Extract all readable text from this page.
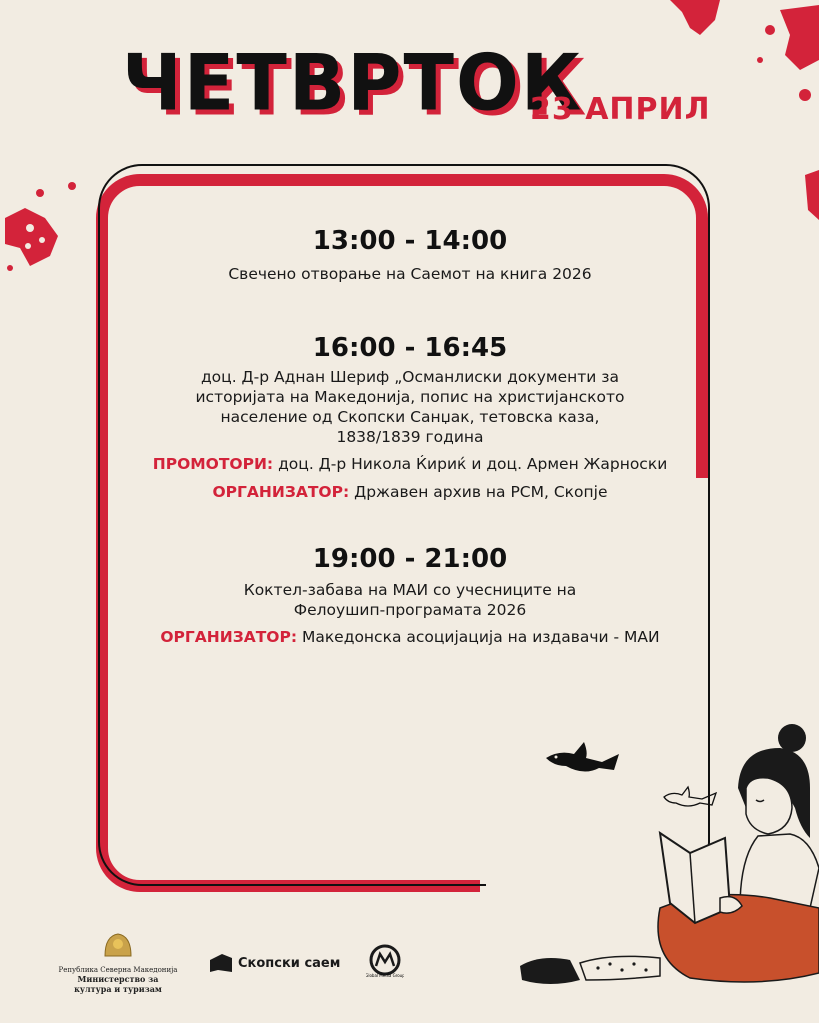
ЧЕТВРТОК
23 АПРИЛ
13:00 - 14:00
Свечено отворање на Саемот на книга 2026
16:00 - 16:45
доц. Д-р Аднан Шериф „Османлиски документи за
историјата на Македонија, попис на христијанското
население од Скопски Санџак, тетовска каза,
1838/1839 година
ПРОМОТОРИ: доц. Д-р Никола Ќириќ и доц. Армен Жарноски
ОРГАНИЗАТОР: Државен архив на РСМ, Скопје
19:00 - 21:00
Коктел-забава на МАИ со учесниците на
Фелоушип-програмата 2026
ОРГАНИЗАТОР: Македонска асоцијација на издавачи - МАИ
Република Северна Македонија
Министерство за култура и туризам
Скопски саем
Global Media Group
